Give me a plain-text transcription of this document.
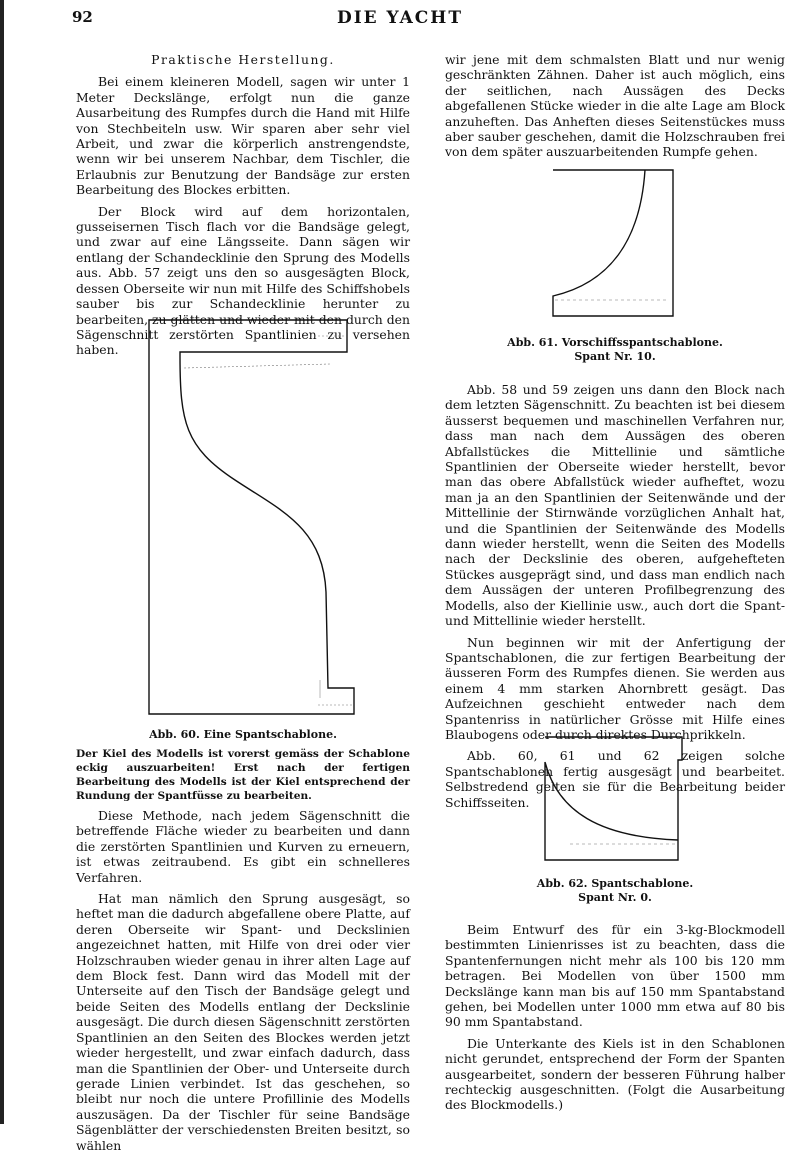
92	DIE YACHT
Praktische Herstellung.

Bei einem kleineren Modell, sagen wir unter 1 Meter Deckslänge, erfolgt nun die ganze Ausarbeitung des Rumpfes durch die Hand mit Hilfe von Stechbeiteln usw. Wir sparen aber sehr viel Arbeit, und zwar die körperlich anstrengendste, wenn wir bei unserem Nachbar, dem Tischler, die Erlaubnis zur Benutzung der Bandsäge zur ersten Bearbeitung des Blockes erbitten.

Der Block wird auf dem horizontalen, gusseisernen Tisch flach vor die Bandsäge gelegt, und zwar auf eine Längsseite. Dann sägen wir entlang der Schandecklinie den Sprung des Modells aus. Abb. 57 zeigt uns den so ausgesägten Block, dessen Oberseite wir nun mit Hilfe des Schiffshobels sauber bis zur Schandecklinie herunter zu bearbeiten, zu glätten und wieder mit den durch den Sägenschnitt zerstörten Spantlinien zu versehen haben.

Abb. 60. Eine Spantschablone.
Der Kiel des Modells ist vorerst gemäss der Schablone eckig auszuarbeiten! Erst nach der fertigen Bearbeitung des Modells ist der Kiel entsprechend der Rundung der Spantfüsse zu bearbeiten.

Diese Methode, nach jedem Sägenschnitt die betreffende Fläche wieder zu bearbeiten und dann die zerstörten Spantlinien und Kurven zu erneuern, ist etwas zeitraubend. Es gibt ein schnelleres Verfahren.

Hat man nämlich den Sprung ausgesägt, so heftet man die dadurch abgefallene obere Platte, auf deren Oberseite wir Spant- und Deckslinien angezeichnet hatten, mit Hilfe von drei oder vier Holzschrauben wieder genau in ihrer alten Lage auf dem Block fest. Dann wird das Modell mit der Unterseite auf den Tisch der Bandsäge gelegt und beide Seiten des Modells entlang der Deckslinie ausgesägt. Die durch diesen Sägenschnitt zerstörten Spantlinien an den Seiten des Blockes werden jetzt wieder hergestellt, und zwar einfach dadurch, dass man die Spantlinien der Ober- und Unterseite durch gerade Linien verbindet. Ist das geschehen, so bleibt nur noch die untere Profillinie des Modells auszusägen. Da der Tischler für seine Bandsäge Sägenblätter der verschiedensten Breiten besitzt, so wählen

wir jene mit dem schmalsten Blatt und nur wenig geschränkten Zähnen. Daher ist auch möglich, eins der seitlichen, nach Aussägen des Decks abgefallenen Stücke wieder in die alte Lage am Block anzuheften. Das Anheften dieses Seitenstückes muss aber sauber geschehen, damit die Holzschrauben frei von dem später auszuarbeitenden Rumpfe gehen.

Abb. 61. Vorschiffsspantschablone.
Spant Nr. 10.

Abb. 58 und 59 zeigen uns dann den Block nach dem letzten Sägenschnitt. Zu beachten ist bei diesem äusserst bequemen und maschinellen Verfahren nur, dass man nach dem Aussägen des oberen Abfallstückes die Mittellinie und sämtliche Spantlinien der Oberseite wieder herstellt, bevor man das obere Abfallstück wieder aufheftet, wozu man ja an den Spantlinien der Seitenwände und der Mittellinie der Stirnwände vorzüglichen Anhalt hat, und die Spantlinien der Seitenwände des Modells dann wieder herstellt, wenn die Seiten des Modells nach der Deckslinie des oberen, aufgehefteten Stückes ausgeprägt sind, und dass man endlich nach dem Aussägen der unteren Profilbegrenzung des Modells, also der Kiellinie usw., auch dort die Spant- und Mittellinie wieder herstellt.

Nun beginnen wir mit der Anfertigung der Spantschablonen, die zur fertigen Bearbeitung der äusseren Form des Rumpfes dienen. Sie werden aus einem 4 mm starken Ahornbrett gesägt. Das Aufzeichnen geschieht entweder nach dem Spantenriss in natürlicher Grösse mit Hilfe eines Blaubogens oder durch direktes Durchprikkeln.

Abb. 60, 61 und 62 zeigen solche Spantschablonen fertig ausgesägt und bearbeitet. Selbstredend gelten sie für die Bearbeitung beider Schiffsseiten.

Abb. 62. Spantschablone.
Spant Nr. 0.

Beim Entwurf des für ein 3-kg-Blockmodell bestimmten Linienrisses ist zu beachten, dass die Spantenfernungen nicht mehr als 100 bis 120 mm betragen. Bei Modellen von über 1500 mm Deckslänge kann man bis auf 150 mm Spantabstand gehen, bei Modellen unter 1000 mm etwa auf 80 bis 90 mm Spantabstand.

Die Unterkante des Kiels ist in den Schablonen nicht gerundet, entsprechend der Form der Spanten ausgearbeitet, sondern der besseren Führung halber rechteckig ausgeschnitten. (Folgt die Ausarbeitung des Blockmodells.)
